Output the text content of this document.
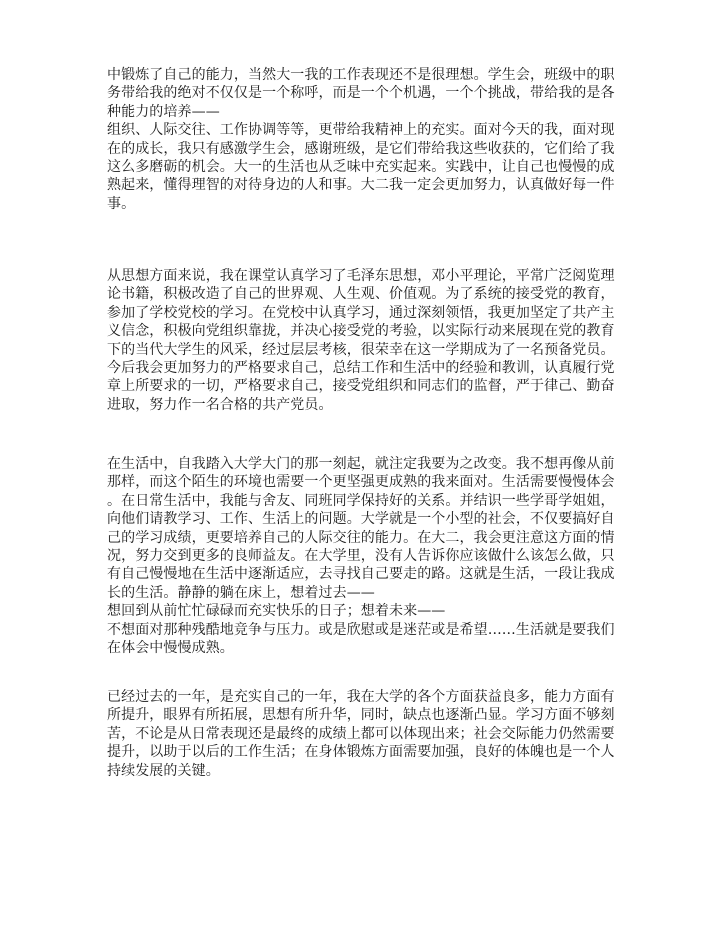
中锻炼了自己的能力，当然大一我的工作表现还不是很理想。学生会，班级中的职
务带给我的绝对不仅仅是一个称呼，而是一个个机遇，一个个挑战，带给我的是各
种能力的培养——
组织、人际交往、工作协调等等，更带给我精神上的充实。面对今天的我，面对现
在的成长，我只有感激学生会，感谢班级，是它们带给我这些收获的，它们给了我
这么多磨砺的机会。大一的生活也从乏味中充实起来。实践中，让自己也慢慢的成
熟起来，懂得理智的对待身边的人和事。大二我一定会更加努力，认真做好每一件
事。
从思想方面来说，我在课堂认真学习了毛泽东思想，邓小平理论，平常广泛阅览理
论书籍，积极改造了自己的世界观、人生观、价值观。为了系统的接受党的教育，
参加了学校党校的学习。在党校中认真学习，通过深刻领悟，我更加坚定了共产主
义信念，积极向党组织靠拢，并决心接受党的考验，以实际行动来展现在党的教育
下的当代大学生的风采，经过层层考核，很荣幸在这一学期成为了一名预备党员。
今后我会更加努力的严格要求自己，总结工作和生活中的经验和教训，认真履行党
章上所要求的一切，严格要求自己，接受党组织和同志们的监督，严于律己、勤奋
进取，努力作一名合格的共产党员。
在生活中，自我踏入大学大门的那一刻起，就注定我要为之改变。我不想再像从前
那样，而这个陌生的环境也需要一个更坚强更成熟的我来面对。生活需要慢慢体会
。在日常生活中，我能与舍友、同班同学保持好的关系。并结识一些学哥学姐姐，
向他们请教学习、工作、生活上的问题。大学就是一个小型的社会，不仅要搞好自
己的学习成绩，更要培养自己的人际交往的能力。在大二，我会更注意这方面的情
况，努力交到更多的良师益友。在大学里，没有人告诉你应该做什么该怎么做，只
有自己慢慢地在生活中逐渐适应，去寻找自己要走的路。这就是生活，一段让我成
长的生活。静静的躺在床上，想着过去——
想回到从前忙忙碌碌而充实快乐的日子；想着未来——
不想面对那种残酷地竞争与压力。或是欣慰或是迷茫或是希望……生活就是要我们
在体会中慢慢成熟。
已经过去的一年，是充实自己的一年，我在大学的各个方面获益良多，能力方面有
所提升，眼界有所拓展，思想有所升华，同时，缺点也逐渐凸显。学习方面不够刻
苦，不论是从日常表现还是最终的成绩上都可以体现出来；社会交际能力仍然需要
提升，以助于以后的工作生活；在身体锻炼方面需要加强，良好的体魄也是一个人
持续发展的关键。
